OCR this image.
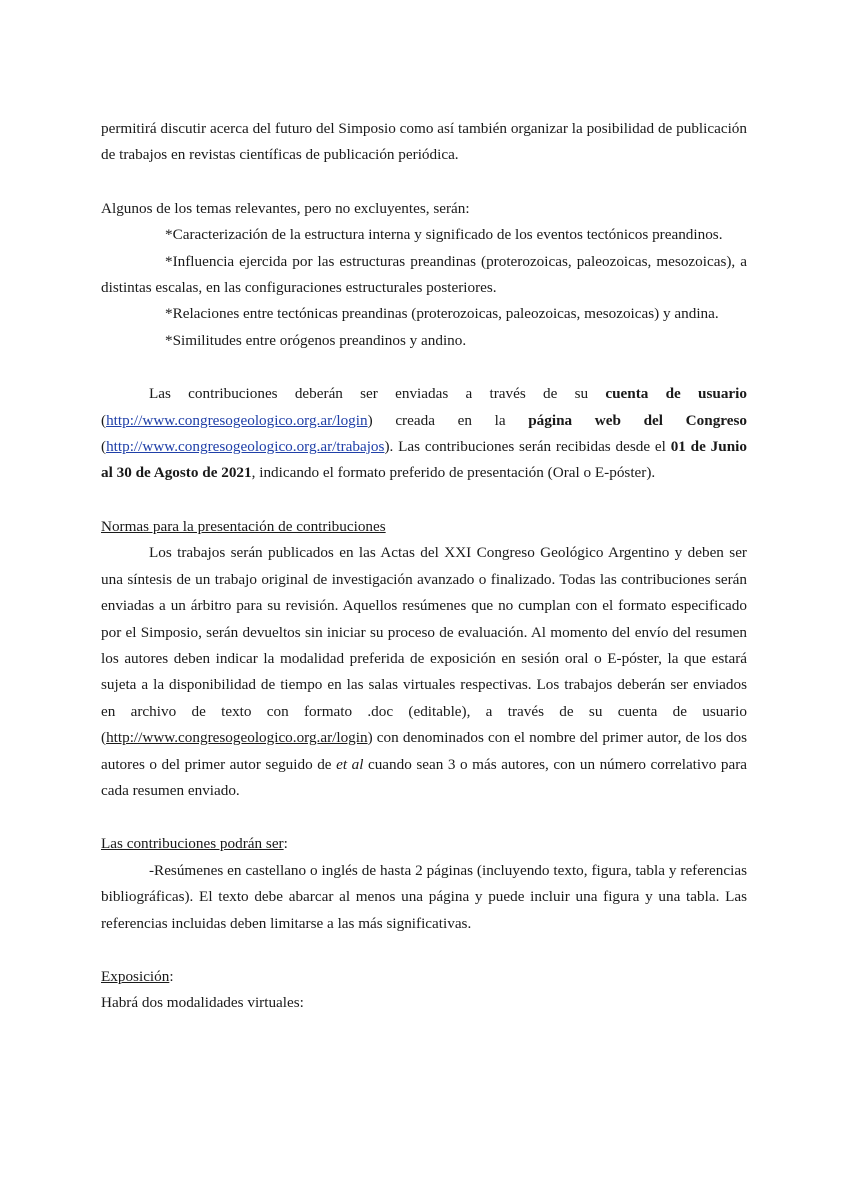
permitirá discutir acerca del futuro del Simposio como así también organizar la posibilidad de publicación de trabajos en revistas científicas de publicación periódica.

Algunos de los temas relevantes, pero no excluyentes, serán:

*Caracterización de la estructura interna y significado de los eventos tectónicos preandinos.

*Influencia ejercida por las estructuras preandinas (proterozoicas, paleozoicas, mesozoicas), a distintas escalas, en las configuraciones estructurales posteriores.

*Relaciones entre tectónicas preandinas (proterozoicas, paleozoicas, mesozoicas) y andina.

*Similitudes entre orógenos preandinos y andino.

Las contribuciones deberán ser enviadas a través de su cuenta de usuario (http://www.congresogeologico.org.ar/login) creada en la página web del Congreso (http://www.congresogeologico.org.ar/trabajos). Las contribuciones serán recibidas desde el 01 de Junio al 30 de Agosto de 2021, indicando el formato preferido de presentación (Oral o E-póster).

Normas para la presentación de contribuciones

Los trabajos serán publicados en las Actas del XXI Congreso Geológico Argentino y deben ser una síntesis de un trabajo original de investigación avanzado o finalizado. Todas las contribuciones serán enviadas a un árbitro para su revisión. Aquellos resúmenes que no cumplan con el formato especificado por el Simposio, serán devueltos sin iniciar su proceso de evaluación. Al momento del envío del resumen los autores deben indicar la modalidad preferida de exposición en sesión oral o E-póster, la que estará sujeta a la disponibilidad de tiempo en las salas virtuales respectivas. Los trabajos deberán ser enviados en archivo de texto con formato .doc (editable), a través de su cuenta de usuario (http://www.congresogeologico.org.ar/login) con denominados con el nombre del primer autor, de los dos autores o del primer autor seguido de et al cuando sean 3 o más autores, con un número correlativo para cada resumen enviado.

Las contribuciones podrán ser:

-Resúmenes en castellano o inglés de hasta 2 páginas (incluyendo texto, figura, tabla y referencias bibliográficas). El texto debe abarcar al menos una página y puede incluir una figura y una tabla. Las referencias incluidas deben limitarse a las más significativas.

Exposición:

Habrá dos modalidades virtuales:
